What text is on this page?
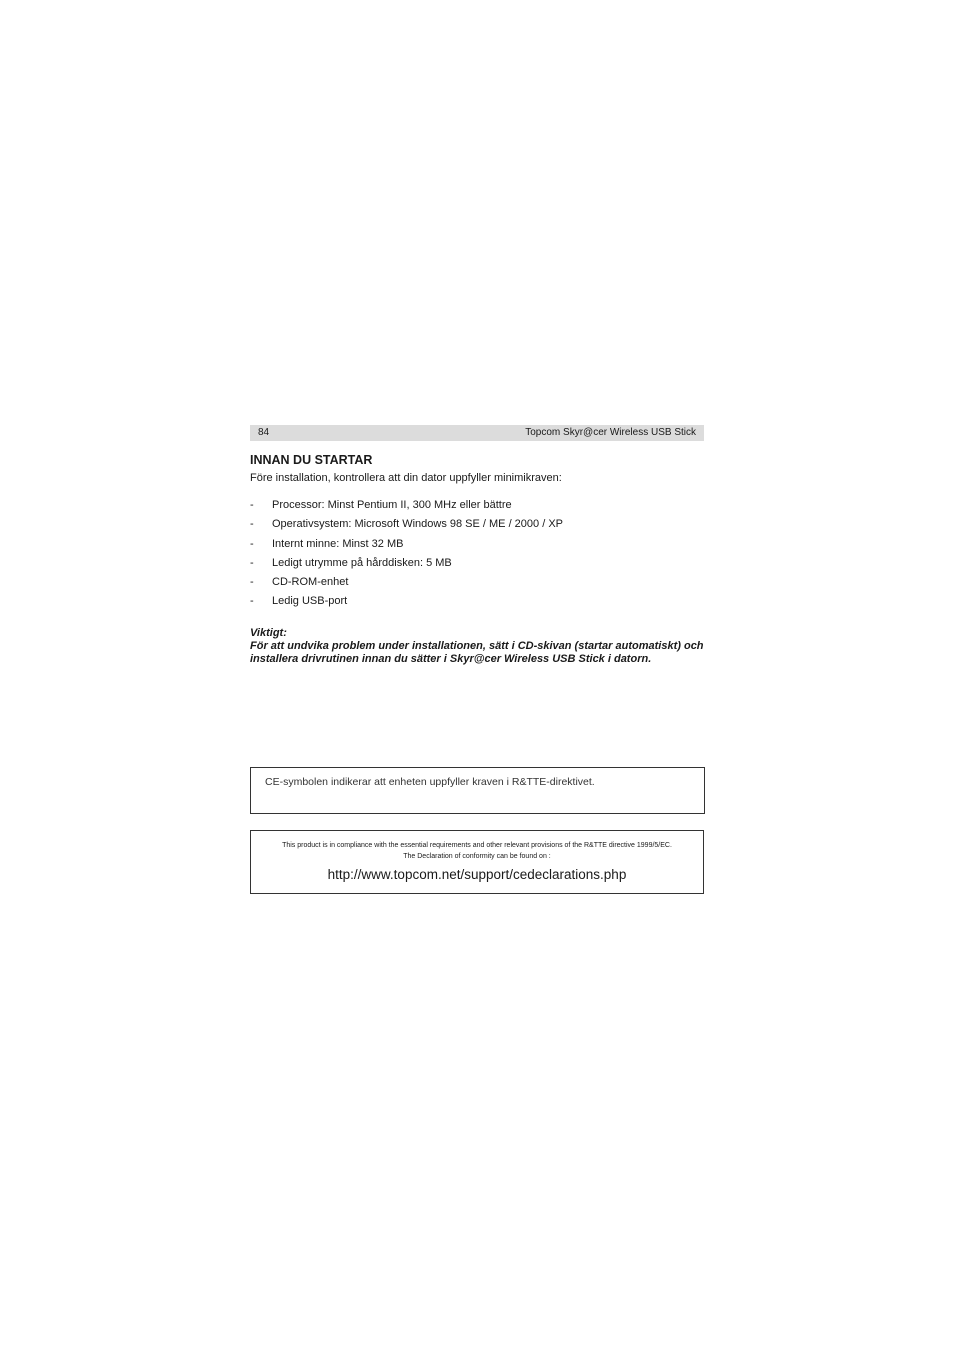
84	Topcom Skyr@cer Wireless USB Stick
INNAN DU STARTAR

Före installation, kontrollera att din dator uppfyller minimikraven:

- Processor: Minst Pentium II, 300 MHz eller bättre
- Operativsystem: Microsoft Windows 98 SE / ME / 2000 / XP
- Internt minne: Minst 32 MB
- Ledigt utrymme på hårddisken: 5 MB
- CD-ROM-enhet
- Ledig USB-port
Viktigt:
För att undvika problem under installationen, sätt i CD-skivan (startar automatiskt) och installera drivrutinen innan du sätter i Skyr@cer Wireless USB Stick i datorn.
CE-symbolen indikerar att enheten uppfyller kraven i R&TTE-direktivet.
This product is in compliance with the essential requirements and other relevant provisions of the R&TTE directive 1999/5/EC.
The Declaration of conformity can be found on :
http://www.topcom.net/support/cedeclarations.php
